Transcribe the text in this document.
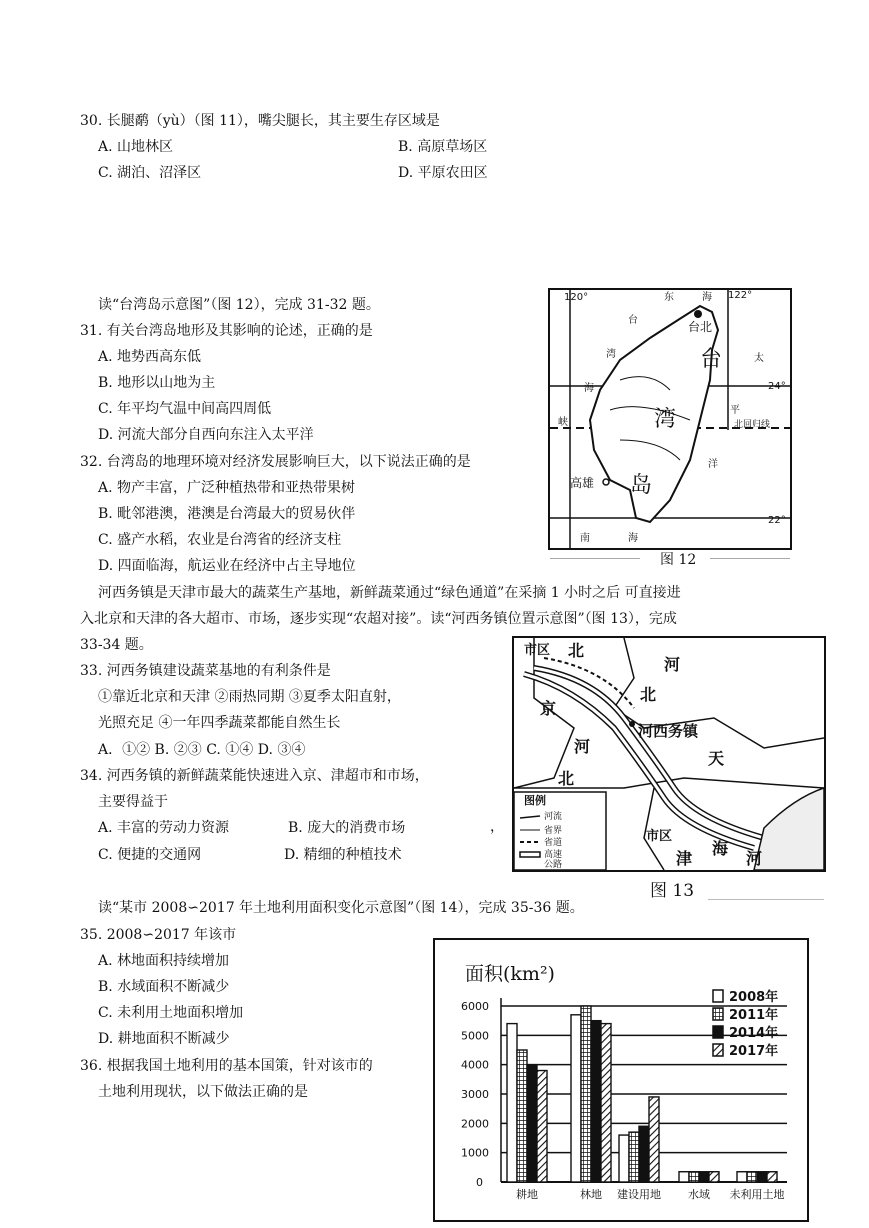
30. 长腿鹬（yù）（图 11），嘴尖腿长，其主要生存区域是
A. 山地林区	B. 高原草场区
C. 湖泊、沼泽区	D. 平原农田区
读“台湾岛示意图”（图 12），完成 31-32 题。
31. 有关台湾岛地形及其影响的论述，正确的是
A. 地势西高东低
B. 地形以山地为主
C. 年平均气温中间高四周低
D. 河流大部分自西向东注入太平洋
32. 台湾岛的地理环境对经济发展影响巨大，以下说法正确的是
A. 物产丰富，广泛种植热带和亚热带果树
B. 毗邻港澳，港澳是台湾最大的贸易伙伴
C. 盛产水稻，农业是台湾省的经济支柱
D. 四面临海，航运业在经济中占主导地位
120°	122°
24°
22°
台北
高雄
台
湾
岛
东	海
台
湾
海
峡
太
平
洋
北回归线
南	海
图 12
河西务镇是天津市最大的蔬菜生产基地，新鲜蔬菜通过“绿色通道”在采摘 1 小时之后 可直接进
入北京和天津的各大超市、市场，逐步实现“农超对接”。读“河西务镇位置示意图”（图 13），完成
33-34 题。
33. 河西务镇建设蔬菜基地的有利条件是
①靠近北京和天津 ②雨热同期 ③夏季太阳直射，
光照充足 ④一年四季蔬菜都能自然生长
A．①② B. ②③ C. ①④ D. ③④
34. 河西务镇的新鲜蔬菜能快速进入京、津超市和市场，
主要得益于
A. 丰富的劳动力资源	B. 庞大的消费市场
C. 便捷的交通网	D. 精细的种植技术
，
市区 北
京
河
北
河西务镇
天
河
北
图例
河流
省界
省道
高速
公路
市区
津
海
河
图 13
读“某市 2008∽2017 年土地利用面积变化示意图”（图 14），完成 35-36 题。
35. 2008∽2017 年该市
A. 林地面积持续增加
B. 水域面积不断减少
C. 未利用土地面积增加
D. 耕地面积不断减少
36. 根据我国土地利用的基本国策，针对该市的
土地利用现状，以下做法正确的是
面积(km²)
0
1000
2000
3000
4000
5000
6000
耕地	林地 建设用地 水域 未利用土地
2008年
2011年
2014年
2017年
